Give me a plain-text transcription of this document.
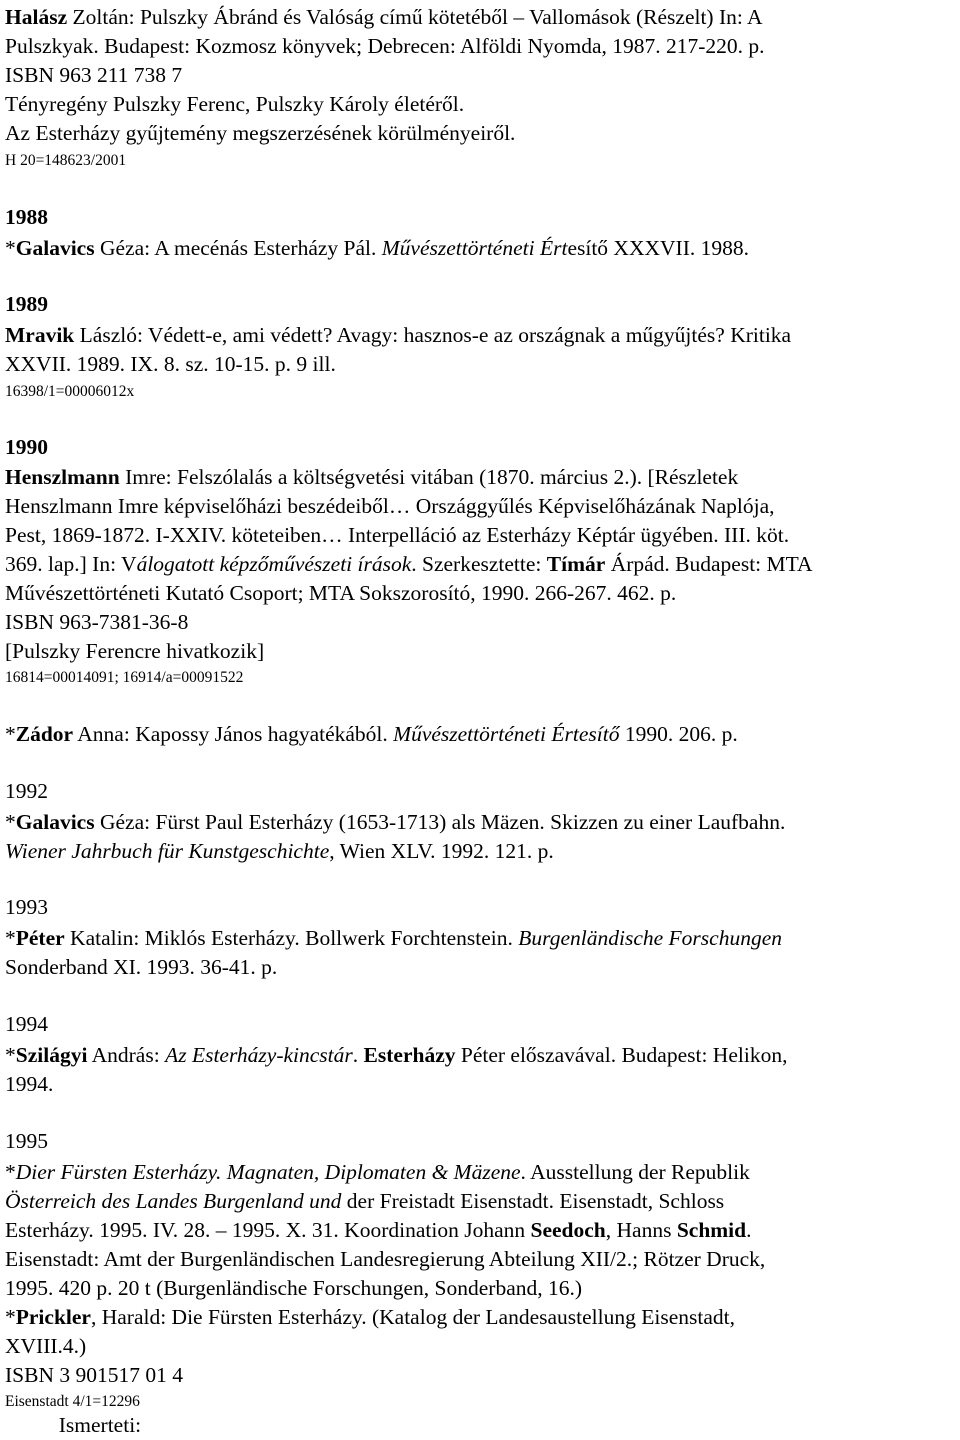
Halász Zoltán: Pulszky Ábránd és Valóság című kötetéből – Vallomások (Részelt) In: A
Pulszkyak. Budapest: Kozmosz könyvek; Debrecen: Alföldi Nyomda, 1987. 217-220. p.
ISBN 963 211 738 7
Tényregény Pulszky Ferenc, Pulszky Károly életéről.
Az Esterházy gyűjtemény megszerzésének körülményeiről.
H 20=148623/2001
1988
*Galavics Géza: A mecénás Esterházy Pál. Művészettörténeti Értesítő XXXVII. 1988.
1989
Mravik László: Védett-e, ami védett? Avagy: hasznos-e az országnak a műgyűjtés? Kritika
XXVII. 1989. IX. 8. sz. 10-15. p. 9 ill.
16398/1=00006012x
1990
Henszlmann Imre: Felszólalás a költségvetési vitában (1870. március 2.). [Részletek
Henszlmann Imre képviselőházi beszédeiből… Országgyűlés Képviselőházának Naplója,
Pest, 1869-1872. I-XXIV. köteteiben… Interpelláció az Esterházy Képtár ügyében. III. köt.
369. lap.] In: Válogatott képzőművészeti írások. Szerkesztette: Tímár Árpád. Budapest: MTA
Művészettörténeti Kutató Csoport; MTA Sokszorosító, 1990. 266-267. 462. p.
ISBN 963-7381-36-8
[Pulszky Ferencre hivatkozik]
16814=00014091; 16914/a=00091522
*Zádor Anna: Kapossy János hagyatékából. Művészettörténeti Értesítő 1990. 206. p.
1992
*Galavics Géza: Fürst Paul Esterházy (1653-1713) als Mäzen. Skizzen zu einer Laufbahn.
Wiener Jahrbuch für Kunstgeschichte, Wien XLV. 1992. 121. p.
1993
*Péter Katalin: Miklós Esterházy. Bollwerk Forchtenstein. Burgenländische Forschungen
Sonderband XI. 1993. 36-41. p.
1994
*Szilágyi András: Az Esterházy-kincstár. Esterházy Péter előszavával. Budapest: Helikon,
1994.
1995
*Dier Fürsten Esterházy. Magnaten, Diplomaten & Mäzene. Ausstellung der Republik
Österreich des Landes Burgenland und der Freistadt Eisenstadt. Eisenstadt, Schloss
Esterházy. 1995. IV. 28. – 1995. X. 31. Koordination Johann Seedoch, Hanns Schmid.
Eisenstadt: Amt der Burgenländischen Landesregierung Abteilung XII/2.; Rötzer Druck,
1995. 420 p. 20 t (Burgenländische Forschungen, Sonderband, 16.)
*Prickler, Harald: Die Fürsten Esterházy. (Katalog der Landesaustellung Eisenstadt,
XVIII.4.)
ISBN 3 901517 01 4
Eisenstadt 4/1=12296
Ismerteti:
